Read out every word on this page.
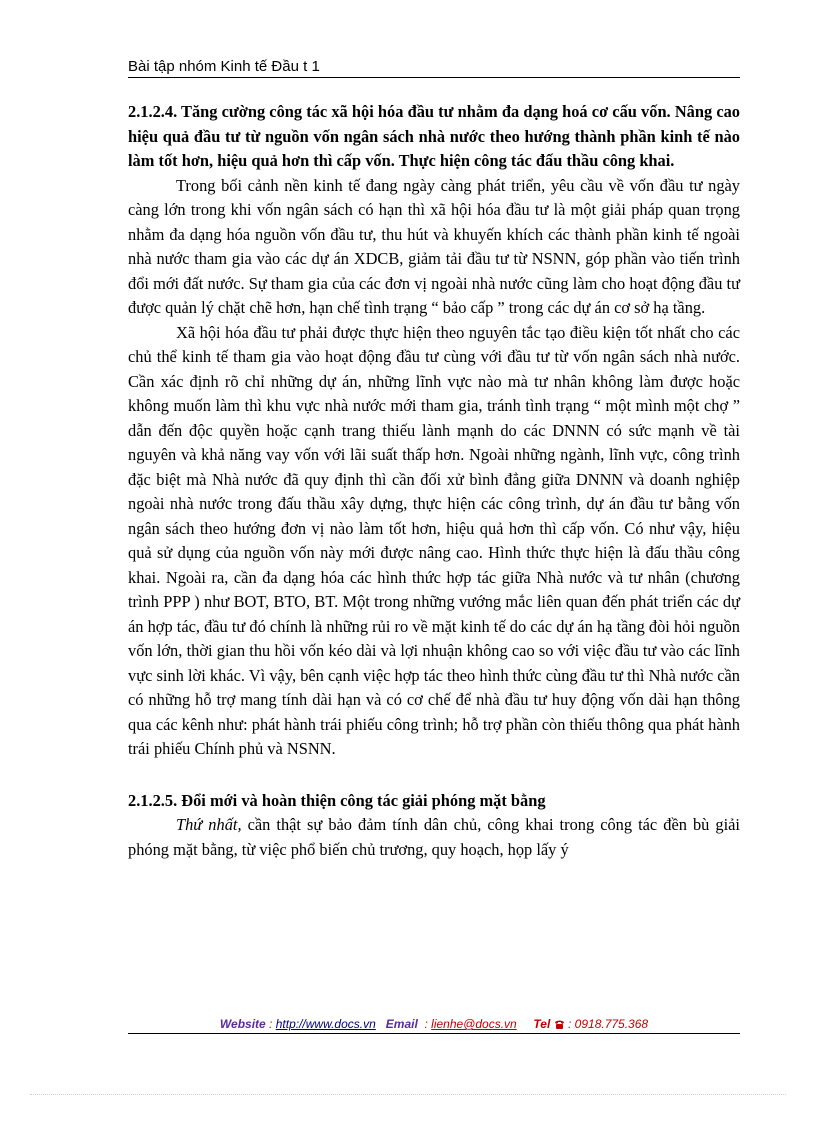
Bài tập nhóm Kinh tế Đầu t 1

2.1.2.4. Tăng cường công tác xã hội hóa đầu tư nhằm đa dạng hoá cơ cấu vốn. Nâng cao hiệu quả đầu tư từ nguồn vốn ngân sách nhà nước theo hướng thành phần kinh tế nào làm tốt hơn, hiệu quả hơn thì cấp vốn. Thực hiện công tác đấu thầu công khai.

Trong bối cảnh nền kinh tế đang ngày càng phát triển, yêu cầu về vốn đầu tư ngày càng lớn trong khi vốn ngân sách có hạn thì xã hội hóa đầu tư là một giải pháp quan trọng nhằm đa dạng hóa nguồn vốn đầu tư, thu hút và khuyến khích các thành phần kinh tế ngoài nhà nước tham gia vào các dự án XDCB, giảm tải đầu tư từ NSNN, góp phần vào tiến trình đổi mới đất nước. Sự tham gia của các đơn vị ngoài nhà nước cũng làm cho hoạt động đầu tư được quản lý chặt chẽ hơn, hạn chế tình trạng “ bảo cấp ” trong các dự án cơ sở hạ tầng.

Xã hội hóa đầu tư phải được thực hiện theo nguyên tắc tạo điều kiện tốt nhất cho các chủ thể kinh tế tham gia vào hoạt động đầu tư cùng với đầu tư từ vốn ngân sách nhà nước. Cần xác định rõ chỉ những dự án, những lĩnh vực nào mà tư nhân không làm được hoặc không muốn làm thì khu vực nhà nước mới tham gia, tránh tình trạng “ một mình một chợ ” dẫn đến độc quyền hoặc cạnh trang thiếu lành mạnh do các DNNN có sức mạnh về tài nguyên và khả năng vay vốn với lãi suất thấp hơn. Ngoài những ngành, lĩnh vực, công trình đặc biệt mà Nhà nước đã quy định thì cần đối xử bình đẳng giữa DNNN và doanh nghiệp ngoài nhà nước trong đấu thầu xây dựng, thực hiện các công trình, dự án đầu tư bằng vốn ngân sách theo hướng đơn vị nào làm tốt hơn, hiệu quả hơn thì cấp vốn. Có như vậy, hiệu quả sử dụng của nguồn vốn này mới được nâng cao. Hình thức thực hiện là đấu thầu công khai. Ngoài ra, cần đa dạng hóa các hình thức hợp tác giữa Nhà nước và tư nhân (chương trình PPP ) như BOT, BTO, BT. Một trong những vướng mắc liên quan đến phát triển các dự án hợp tác, đầu tư đó chính là những rủi ro về mặt kinh tế do các dự án hạ tầng đòi hỏi nguồn vốn lớn, thời gian thu hồi vốn kéo dài và lợi nhuận không cao so với việc đầu tư vào các lĩnh vực sinh lời khác. Vì vậy, bên cạnh việc hợp tác theo hình thức cùng đầu tư thì Nhà nước cần có những hỗ trợ mang tính dài hạn và có cơ chế để nhà đầu tư huy động vốn dài hạn thông qua các kênh như: phát hành trái phiếu công trình; hỗ trợ phần còn thiếu thông qua phát hành trái phiếu Chính phủ và NSNN.

2.1.2.5. Đổi mới và hoàn thiện công tác giải phóng mặt bằng

Thứ nhất, cần thật sự bảo đảm tính dân chủ, công khai trong công tác đền bù giải phóng mặt bằng, từ việc phổ biến chủ trương, quy hoạch, họp lấy ý

Website : http://www.docs.vn Email  : lienhe@docs.vn Tel  : 0918.775.368
